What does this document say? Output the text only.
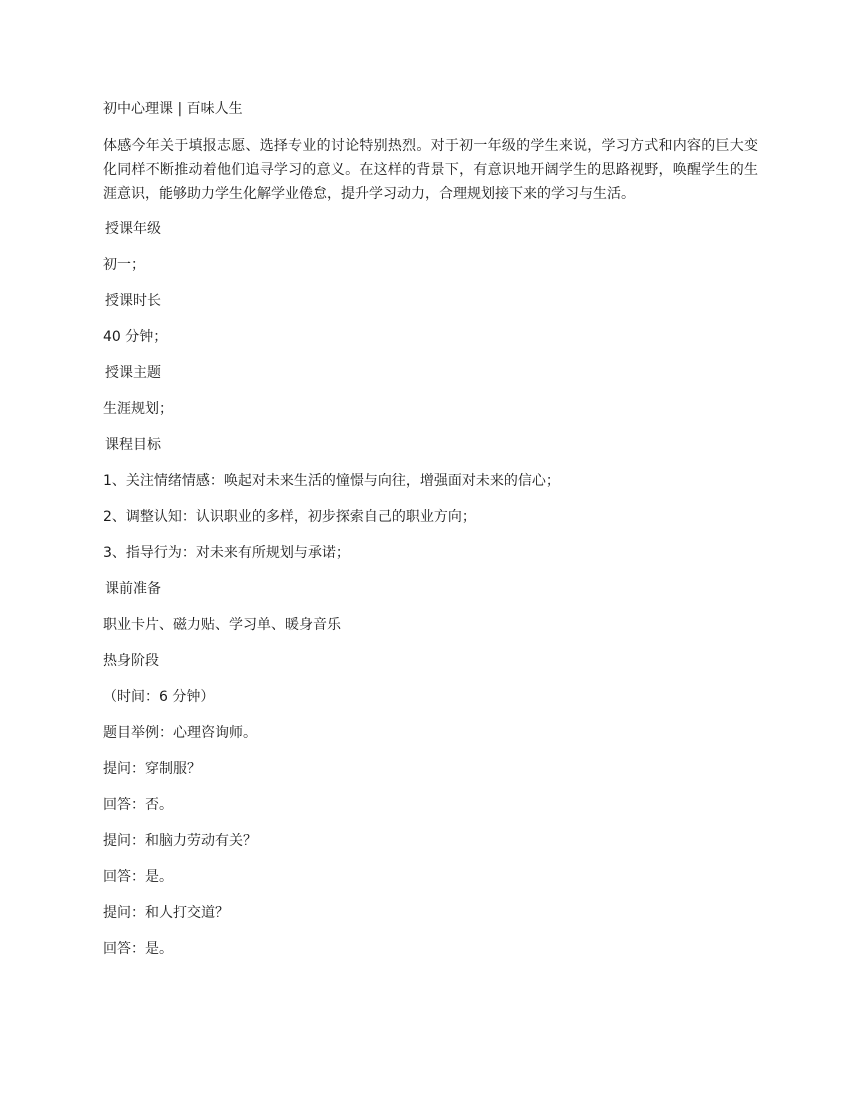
初中心理课 | 百味人生

体感今年关于填报志愿、选择专业的讨论特别热烈。对于初一年级的学生来说，学习方式和内容的巨大变化同样不断推动着他们追寻学习的意义。在这样的背景下，有意识地开阔学生的思路视野，唤醒学生的生涯意识，能够助力学生化解学业倦怠，提升学习动力，合理规划接下来的学习与生活。

授课年级

初一；

授课时长

40 分钟；

授课主题

生涯规划；

课程目标

1、关注情绪情感：唤起对未来生活的憧憬与向往，增强面对未来的信心；

2、调整认知：认识职业的多样，初步探索自己的职业方向；

3、指导行为：对未来有所规划与承诺；

课前准备

职业卡片、磁力贴、学习单、暖身音乐

热身阶段

（时间：6 分钟）

题目举例：心理咨询师。

提问：穿制服？

回答：否。

提问：和脑力劳动有关？

回答：是。

提问：和人打交道？

回答：是。
